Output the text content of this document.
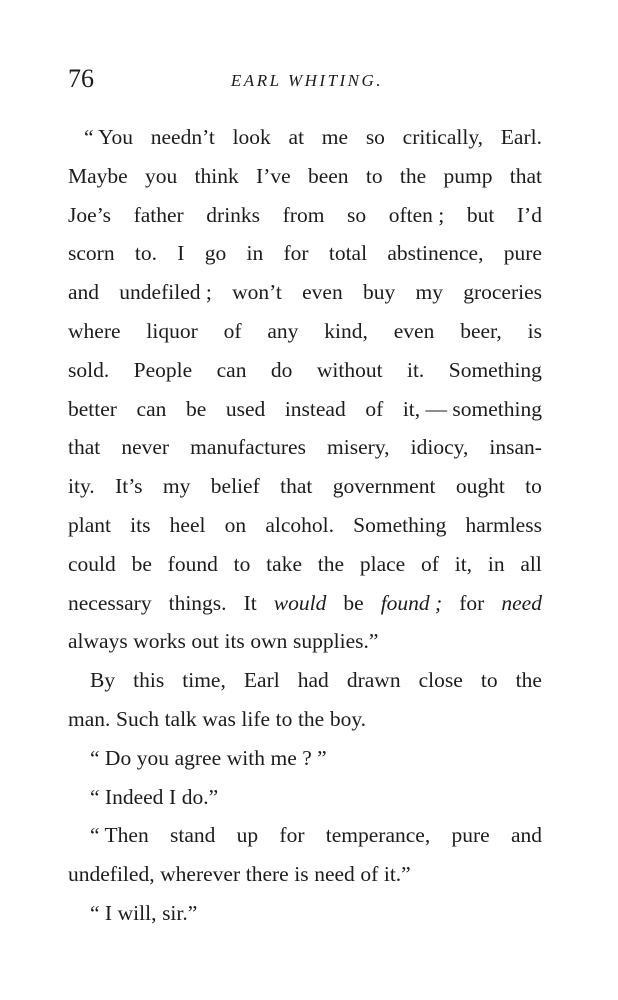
76	EARL WHITING.
“ You needn’t look at me so critically, Earl.
Maybe you think I’ve been to the pump that
Joe’s father drinks from so often ; but I’d
scorn to. I go in for total abstinence, pure
and undefiled ; won’t even buy my groceries
where liquor of any kind, even beer, is
sold. People can do without it. Something
better can be used instead of it, — something
that never manufactures misery, idiocy, insan-
ity. It’s my belief that government ought to
plant its heel on alcohol. Something harmless
could be found to take the place of it, in all
necessary things. It would be found ; for need
always works out its own supplies.”
By this time, Earl had drawn close to the
man. Such talk was life to the boy.
“ Do you agree with me ? ”
“ Indeed I do.”
“ Then stand up for temperance, pure and
undefiled, wherever there is need of it.”
“ I will, sir.”
